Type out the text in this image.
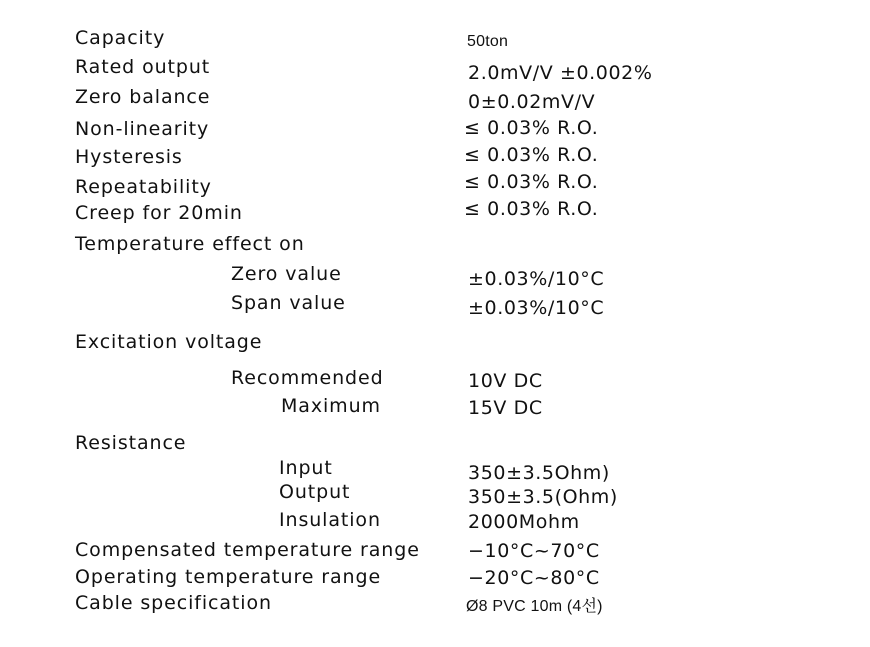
Capacity
Rated output
Zero balance
Non-linearity
Hysteresis
Repeatability
Creep for 20min
Temperature effect on
Zero value
Span value
Excitation voltage
Recommended
Maximum
Resistance
Input
Output
Insulation
Compensated temperature range
Operating temperature range
Cable specification
50ton
2.0mV/V ±0.002%
0±0.02mV/V
≤ 0.03% R.O.
≤ 0.03% R.O.
≤ 0.03% R.O.
≤ 0.03% R.O.
±0.03%/10°C
±0.03%/10°C
10V DC
15V DC
350±3.5Ohm)
350±3.5(Ohm)
2000Mohm
−10°C~70°C
−20°C~80°C
Ø8 PVC 10m (4선)
